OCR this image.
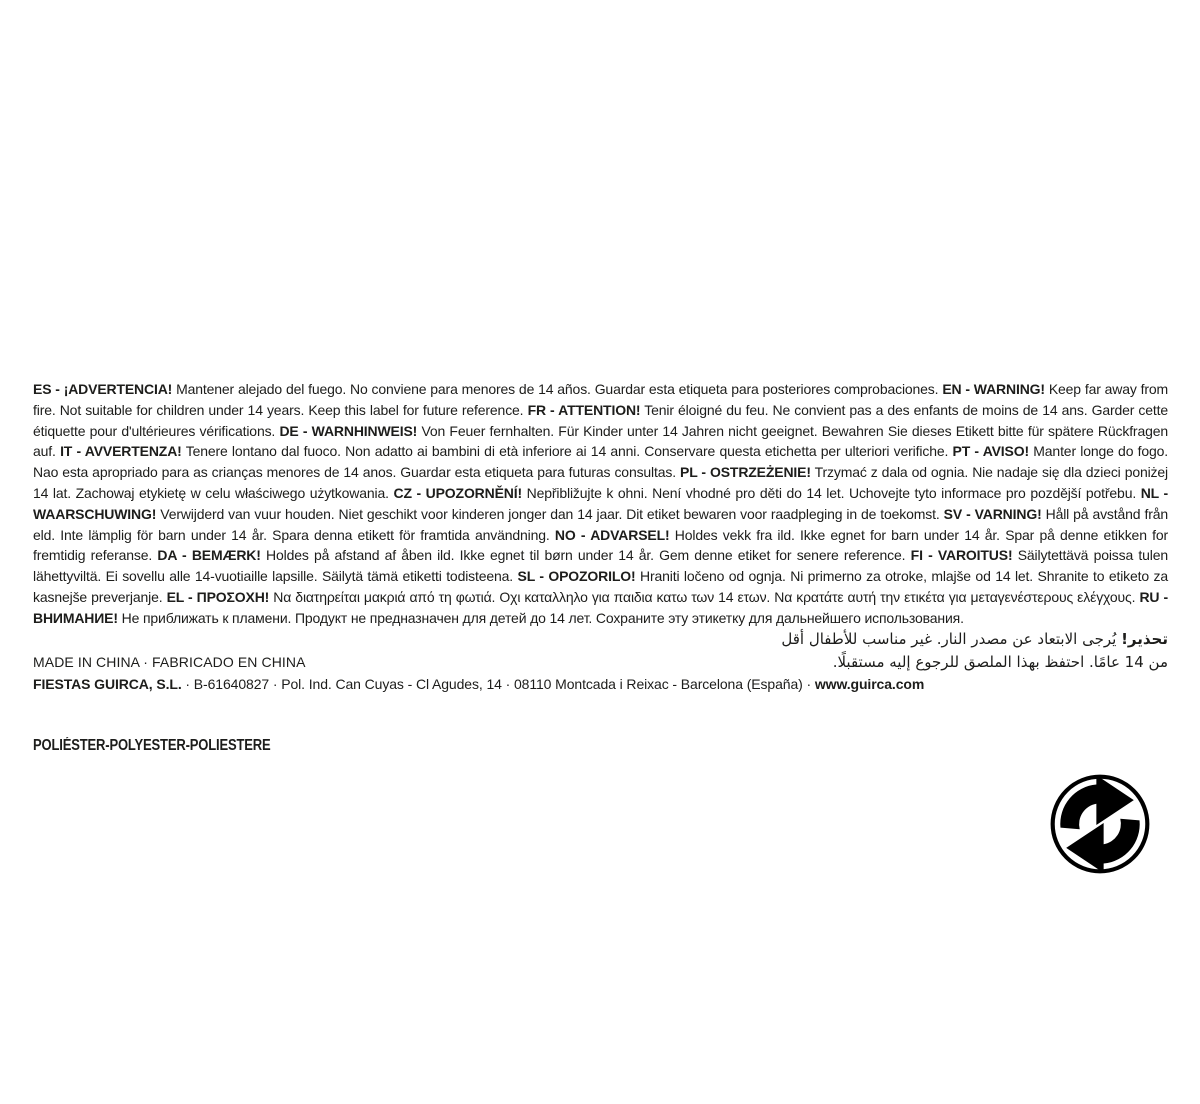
ES - ¡ADVERTENCIA! Mantener alejado del fuego. No conviene para menores de 14 años. Guardar esta etiqueta para posteriores comprobaciones. EN - WARNING! Keep far away from fire. Not suitable for children under 14 years. Keep this label for future reference. FR - ATTENTION! Tenir éloigné du feu. Ne convient pas a des enfants de moins de 14 ans. Garder cette étiquette pour d'ultérieures vérifications. DE - WARNHINWEIS! Von Feuer fernhalten. Für Kinder unter 14 Jahren nicht geeignet. Bewahren Sie dieses Etikett bitte für spätere Rückfragen auf. IT - AVVERTENZA! Tenere lontano dal fuoco. Non adatto ai bambini di età inferiore ai 14 anni. Conservare questa etichetta per ulteriori verifiche. PT - AVISO! Manter longe do fogo. Nao esta apropriado para as crianças menores de 14 anos. Guardar esta etiqueta para futuras consultas. PL - OSTRZEŻENIE! Trzymać z dala od ognia. Nie nadaje się dla dzieci poniżej 14 lat. Zachowaj etykietę w celu właściwego użytkowania. CZ - UPOZORNĚNÍ! Nepřibližujte k ohni. Není vhodné pro děti do 14 let. Uchovejte tyto informace pro pozdější potřebu. NL - WAARSCHUWING! Verwijderd van vuur houden. Niet geschikt voor kinderen jonger dan 14 jaar. Dit etiket bewaren voor raadpleging in de toekomst. SV - VARNING! Håll på avstånd från eld. Inte lämplig för barn under 14 år. Spara denna etikett för framtida användning. NO - ADVARSEL! Holdes vekk fra ild. Ikke egnet for barn under 14 år. Spar på denne etikken for fremtidig referanse. DA - BEMÆRK! Holdes på afstand af åben ild. Ikke egnet til børn under 14 år. Gem denne etiket for senere reference. FI - VAROITUS! Säilytettävä poissa tulen lähettyviltä. Ei sovellu alle 14-vuotiaille lapsille. Säilytä tämä etiketti todisteena. SL - OPOZORILO! Hraniti ločeno od ognja. Ni primerno za otroke, mlajše od 14 let. Shranite to etiketo za kasnejše preverjanje. EL - ΠΡΟΣΟΧΗ! Να διατηρείται μακριά από τη φωτιά. Οχι καταλληλο για παιδια κατω των 14 ετων. Να κρατάτε αυτή την ετικέτα για μεταγενέστερους ελέγχους. RU - ВНИМАНИЕ! Не приближать к пламени. Продукт не предназначен для детей до 14 лет. Сохраните эту этикетку для дальнейшего использования.

تحذير! يُرجى الابتعاد عن مصدر النار. غير مناسب للأطفال أقل
من 14 عامًا. احتفظ بهذا الملصق للرجوع إليه مستقبلًا.

MADE IN CHINA · FABRICADO EN CHINA

FIESTAS GUIRCA, S.L. · B-61640827 · Pol. Ind. Can Cuyas - Cl Agudes, 14 · 08110 Montcada i Reixac - Barcelona (España) · www.guirca.com

POLIÉSTER-POLYESTER-POLIESTERE
